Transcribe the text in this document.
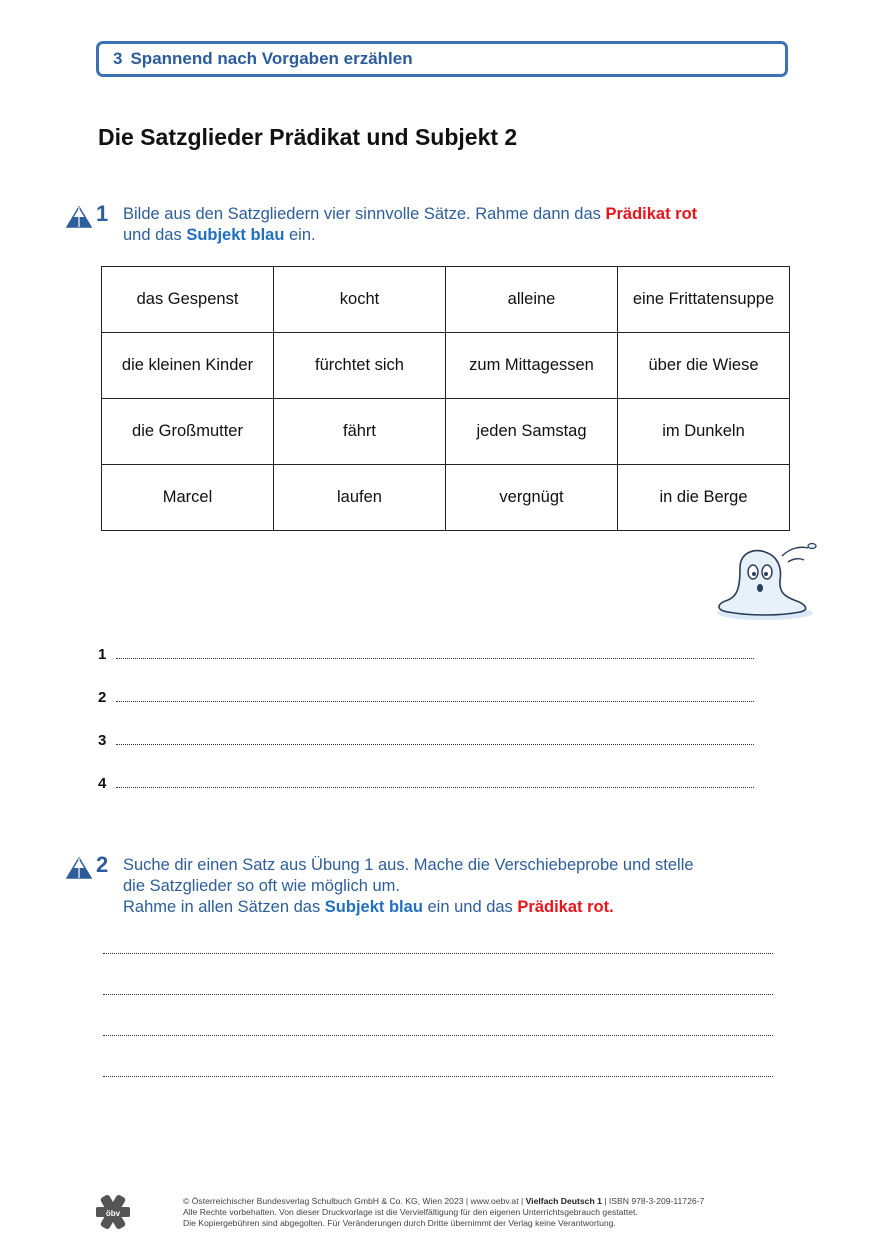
3 Spannend nach Vorgaben erzählen
Die Satzglieder Prädikat und Subjekt 2
1 Bilde aus den Satzgliedern vier sinnvolle Sätze. Rahme dann das Prädikat rot
und das Subjekt blau ein.
das Gespenst	kocht	alleine	eine Frittatensuppe
die kleinen Kinder	fürchtet sich	zum Mittagessen	über die Wiese
die Großmutter	fährt	jeden Samstag	im Dunkeln
Marcel	laufen	vergnügt	in die Berge
1
2
3
4
2 Suche dir einen Satz aus Übung 1 aus. Mache die Verschiebeprobe und stelle
die Satzglieder so oft wie möglich um.
Rahme in allen Sätzen das Subjekt blau ein und das Prädikat rot.
öbv
© Österreichischer Bundesverlag Schulbuch GmbH & Co. KG, Wien 2023 | www.oebv.at | Vielfach Deutsch 1 | ISBN 978-3-209-11726-7
Alle Rechte vorbehalten. Von dieser Druckvorlage ist die Vervielfältigung für den eigenen Unterrichtsgebrauch gestattet.
Die Kopiergebühren sind abgegolten. Für Veränderungen durch Dritte übernimmt der Verlag keine Verantwortung.
